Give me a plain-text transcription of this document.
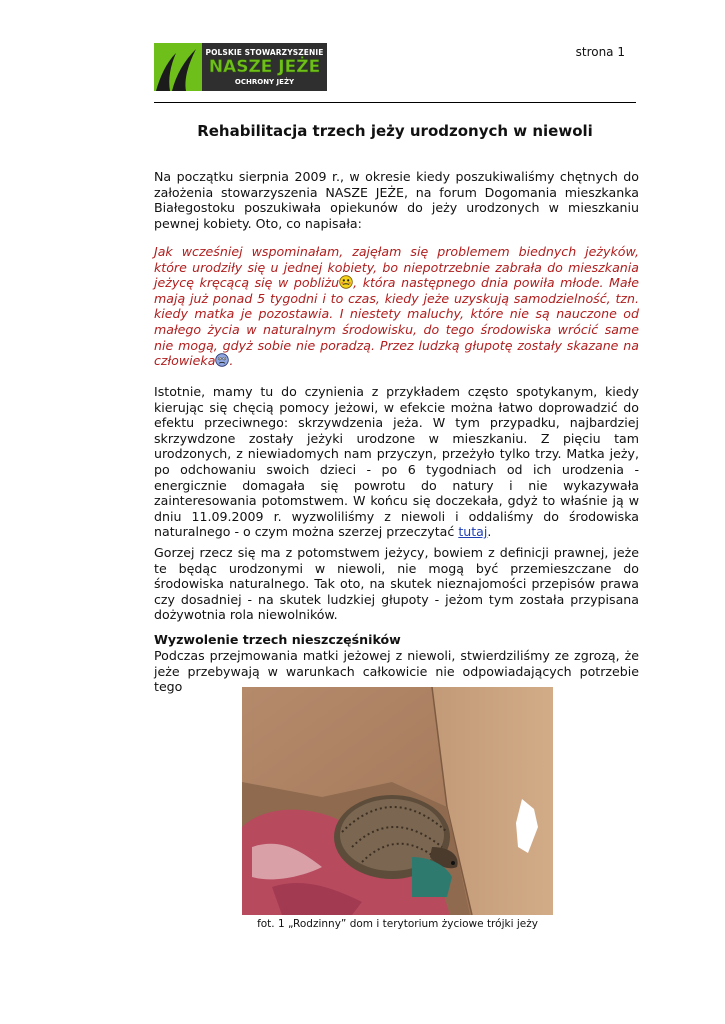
POLSKIE STOWARZYSZENIE
NASZE JEŻE
OCHRONY JEŻY
strona 1
Rehabilitacja trzech jeży urodzonych w niewoli

Na początku sierpnia 2009 r., w okresie kiedy poszukiwaliśmy chętnych do założenia stowarzyszenia NASZE JEŻE, na forum Dogomania mieszkanka Białegostoku poszukiwała opiekunów do jeży urodzonych w mieszkaniu pewnej kobiety. Oto, co napisała:

Jak wcześniej wspominałam, zajęłam się problemem biednych jeżyków, które urodziły się u jednej kobiety, bo niepotrzebnie zabrała do mieszkania jeżycę kręcącą się w pobliżu , która następnego dnia powiła młode. Małe mają już ponad 5 tygodni i to czas, kiedy jeże uzyskują samodzielność, tzn. kiedy matka je pozostawia. I niestety maluchy, które nie są nauczone od małego życia w naturalnym środowisku, do tego środowiska wrócić same nie mogą, gdyż sobie nie poradzą. Przez ludzką głupotę zostały skazane na człowieka .

Istotnie, mamy tu do czynienia z przykładem często spotykanym, kiedy kierując się chęcią pomocy jeżowi, w efekcie można łatwo doprowadzić do efektu przeciwnego: skrzywdzenia jeża. W tym przypadku, najbardziej skrzywdzone zostały jeżyki urodzone w mieszkaniu. Z pięciu tam urodzonych, z niewiadomych nam przyczyn, przeżyło tylko trzy. Matka jeży, po odchowaniu swoich dzieci - po 6 tygodniach od ich urodzenia - energicznie domagała się powrotu do natury i nie wykazywała zainteresowania potomstwem. W końcu się doczekała, gdyż to właśnie ją w dniu 11.09.2009 r. wyzwoliliśmy z niewoli i oddaliśmy do środowiska naturalnego - o czym można szerzej przeczytać tutaj.

Gorzej rzecz się ma z potomstwem jeżycy, bowiem z definicji prawnej, jeże te będąc urodzonymi w niewoli, nie mogą być przemieszczane do środowiska naturalnego. Tak oto, na skutek nieznajomości przepisów prawa czy dosadniej - na skutek ludzkiej głupoty - jeżom tym została przypisana dożywotnia rola niewolników.

Wyzwolenie trzech nieszczęśników

Podczas przejmowania matki jeżowej z niewoli, stwierdziliśmy ze zgrozą, że jeże przebywają w warunkach całkowicie nie odpowiadających potrzebie tego

fot. 1 „Rodzinny” dom i terytorium życiowe trójki jeży
